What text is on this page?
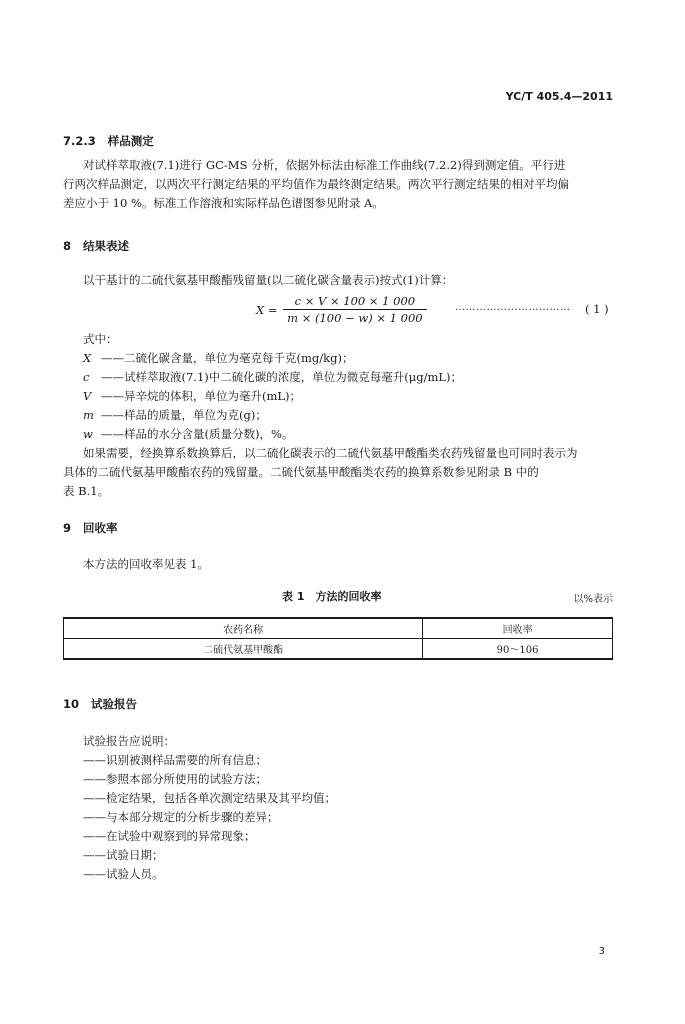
YC/T 405.4—2011
7.2.3 样品测定
对试样萃取液(7.1)进行 GC-MS 分析，依据外标法由标准工作曲线(7.2.2)得到测定值。平行进
行两次样品测定，以两次平行测定结果的平均值作为最终测定结果。两次平行测定结果的相对平均偏
差应小于 10 %。标准工作溶液和实际样品色谱图参见附录 A。
8 结果表述
以干基计的二硫代氨基甲酸酯残留量(以二硫化碳含量表示)按式(1)计算：
$X = \frac{c \times V \times 100 \times 1 000}{m \times (100 - w) \times 1 000}$	…………………………… ( 1 )
式中：
X ——二硫化碳含量，单位为毫克每千克(mg/kg)；
c ——试样萃取液(7.1)中二硫化碳的浓度，单位为微克每毫升(μg/mL)；
V ——异辛烷的体积，单位为毫升(mL)；
m ——样品的质量，单位为克(g)；
w ——样品的水分含量(质量分数)，%。
如果需要，经换算系数换算后，以二硫化碳表示的二硫代氨基甲酸酯类农药残留量也可同时表示为
具体的二硫代氨基甲酸酯农药的残留量。二硫代氨基甲酸酯类农药的换算系数参见附录 B 中的
表 B.1。
9 回收率
本方法的回收率见表 1。
表 1　方法的回收率	以%表示
农药名称	回收率
二硫代氨基甲酸酯	90～106
10 试验报告
试验报告应说明：
——识别被测样品需要的所有信息；
——参照本部分所使用的试验方法；
——检定结果，包括各单次测定结果及其平均值；
——与本部分规定的分析步骤的差异；
——在试验中观察到的异常现象；
——试验日期；
——试验人员。
3
